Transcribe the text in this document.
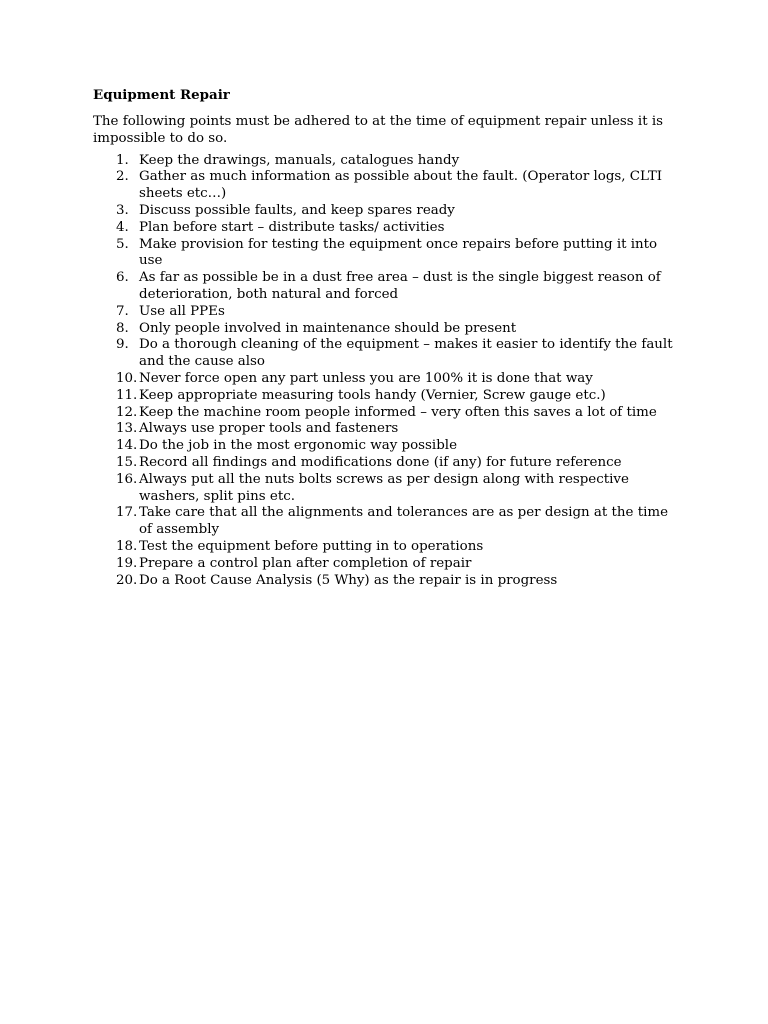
Equipment Repair
The following points must be adhered to at the time of equipment repair unless it is impossible to do so.
1. Keep the drawings, manuals, catalogues handy
2. Gather as much information as possible about the fault. (Operator logs, CLTI sheets etc…)
3. Discuss possible faults, and keep spares ready
4. Plan before start – distribute tasks/ activities
5. Make provision for testing the equipment once repairs before putting it into use
6. As far as possible be in a dust free area – dust is the single biggest reason of deterioration, both natural and forced
7. Use all PPEs
8. Only people involved in maintenance should be present
9. Do a thorough cleaning of the equipment – makes it easier to identify the fault and the cause also
10. Never force open any part unless you are 100% it is done that way
11. Keep appropriate measuring tools handy (Vernier, Screw gauge etc.)
12. Keep the machine room people informed – very often this saves a lot of time
13. Always use proper tools and fasteners
14. Do the job in the most ergonomic way possible
15. Record all findings and modifications done (if any) for future reference
16. Always put all the nuts bolts screws as per design along with respective washers, split pins etc.
17. Take care that all the alignments and tolerances are as per design at the time of assembly
18. Test the equipment before putting in to operations
19. Prepare a control plan after completion of repair
20. Do a Root Cause Analysis (5 Why) as the repair is in progress
